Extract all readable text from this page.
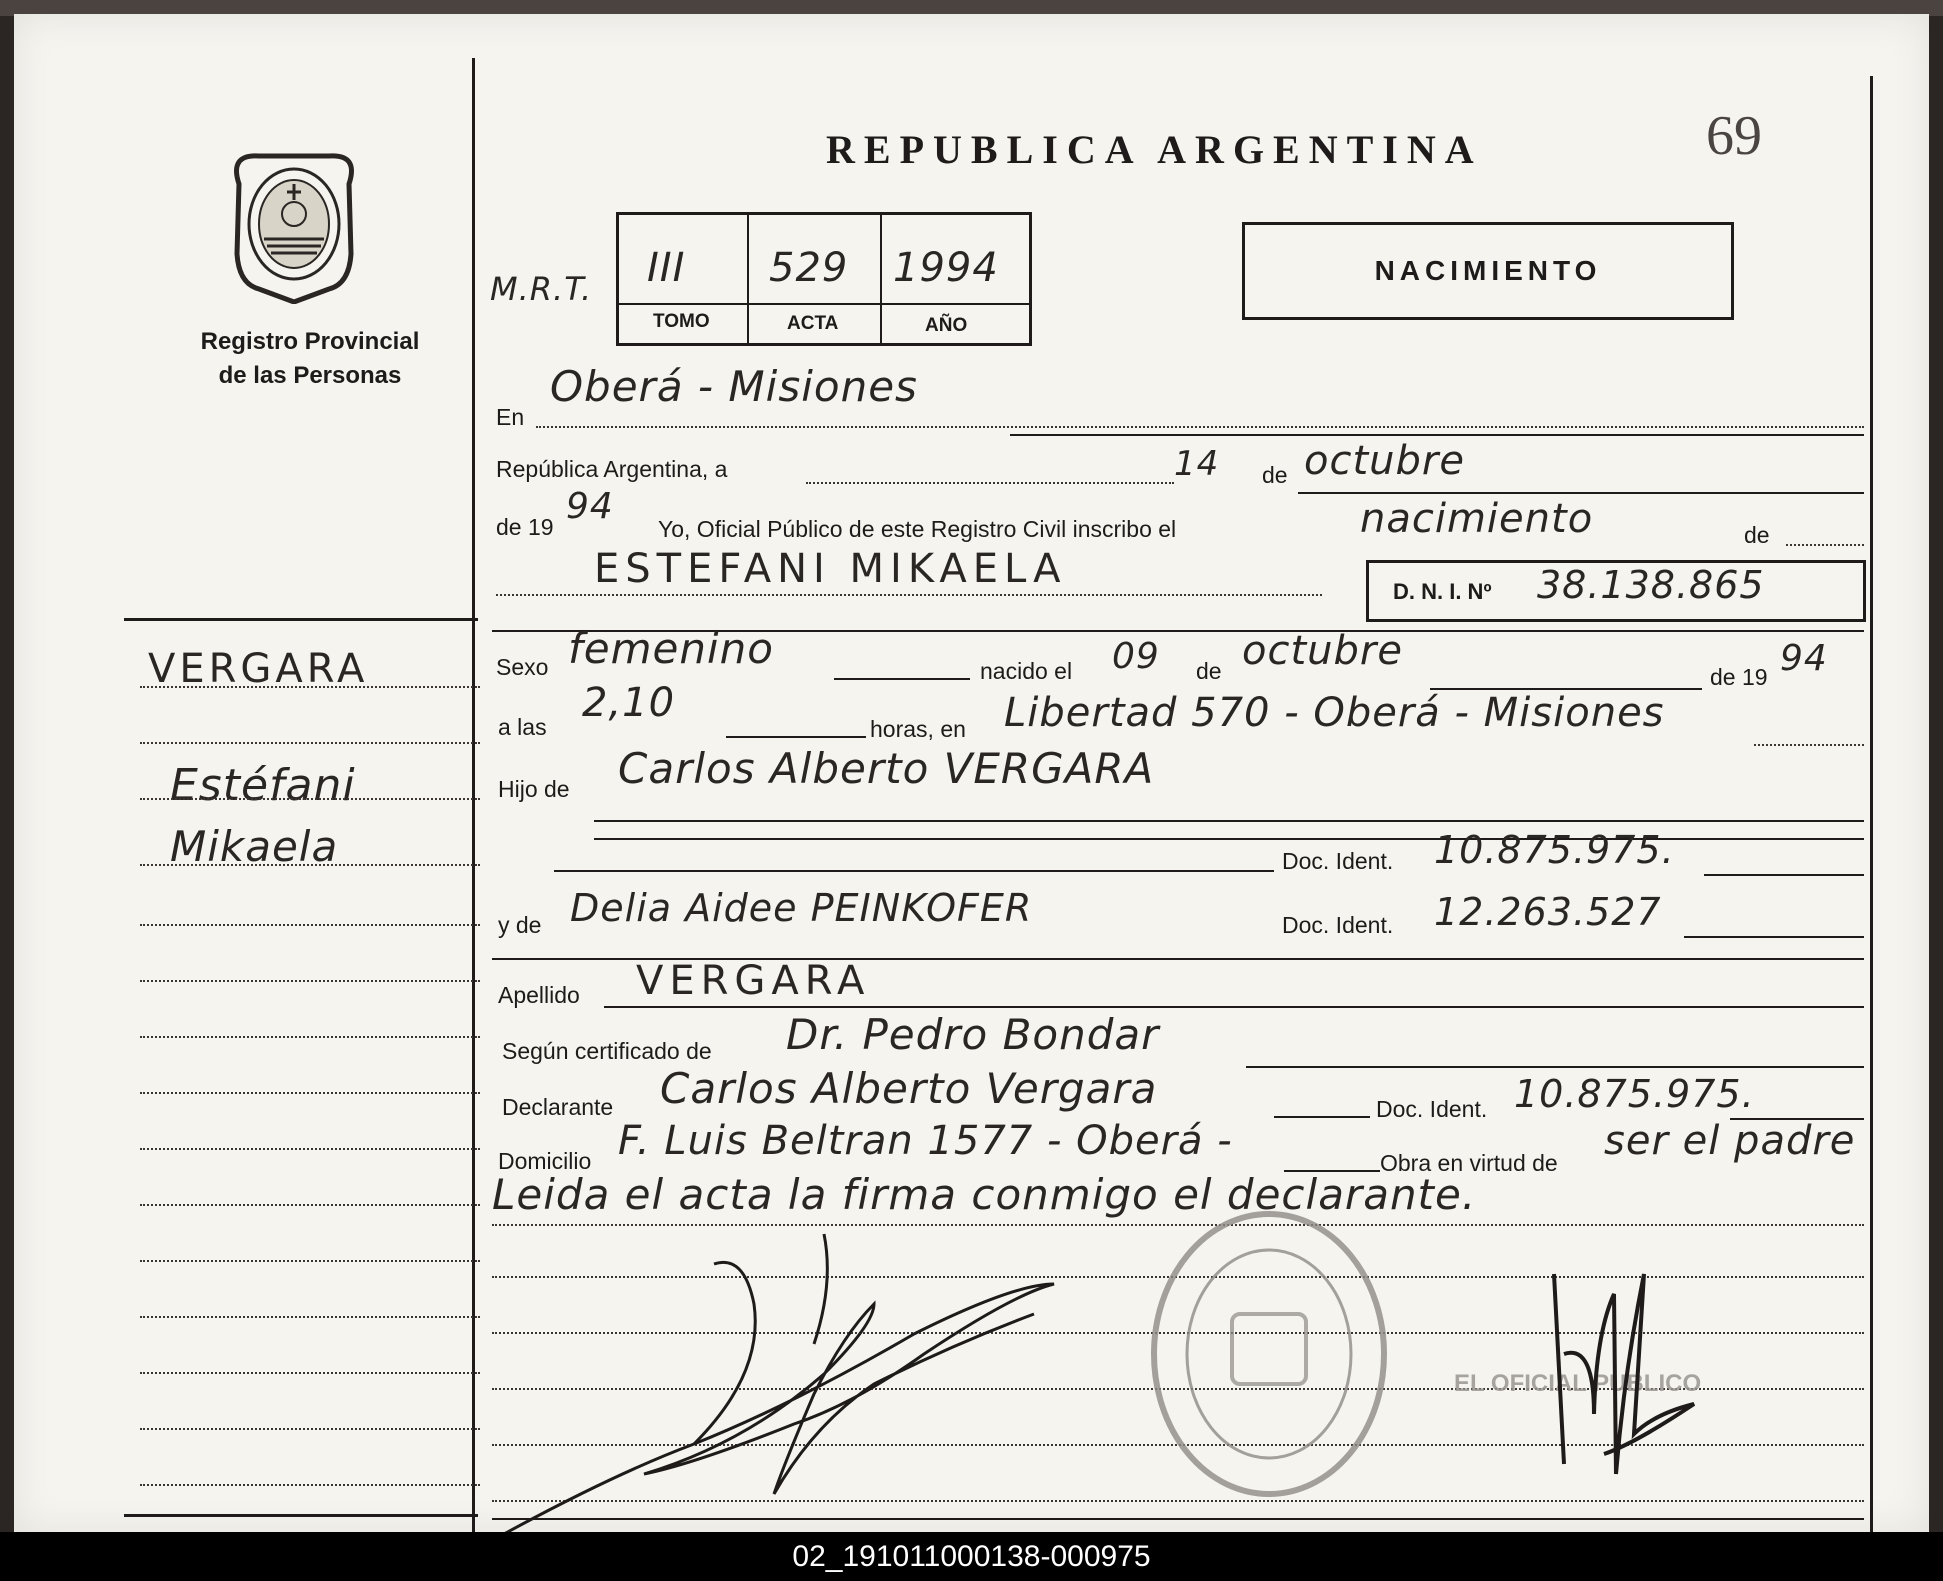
Registro Provincial
de las Personas
REPUBLICA ARGENTINA	69
M.R.T. III 529 1994
TOMO	ACTA	AÑO
NACIMIENTO
En
Oberá - Misiones
República Argentina, a	14 de octubre
de 19 94
Yo, Oficial Público de este Registro Civil inscribo el	nacimiento	de
ESTEFANI MIKAELA	D. N. I. Nº 38.138.865
Sexo femenino	nacido el 09 de octubre
de 19 94
a las
2,10
horas, en Libertad 570 - Oberá - Misiones
Hijo de Carlos Alberto VERGARA
Doc. Ident. 10.875.975.
y de Delia Aidee PEINKOFER	Doc. Ident. 12.263.527
Apellido VERGARA
Según certificado de Dr. Pedro Bondar
Declarante Carlos Alberto Vergara	Doc. Ident. 10.875.975.
Domicilio F. Luis Beltran 1577 - Oberá -	Obra en virtud de ser el padre
Leida el acta la firma conmigo el declarante.
EL OFICIAL PUBLICO
VERGARA
Estéfani
Mikaela
02_191011000138-000975
